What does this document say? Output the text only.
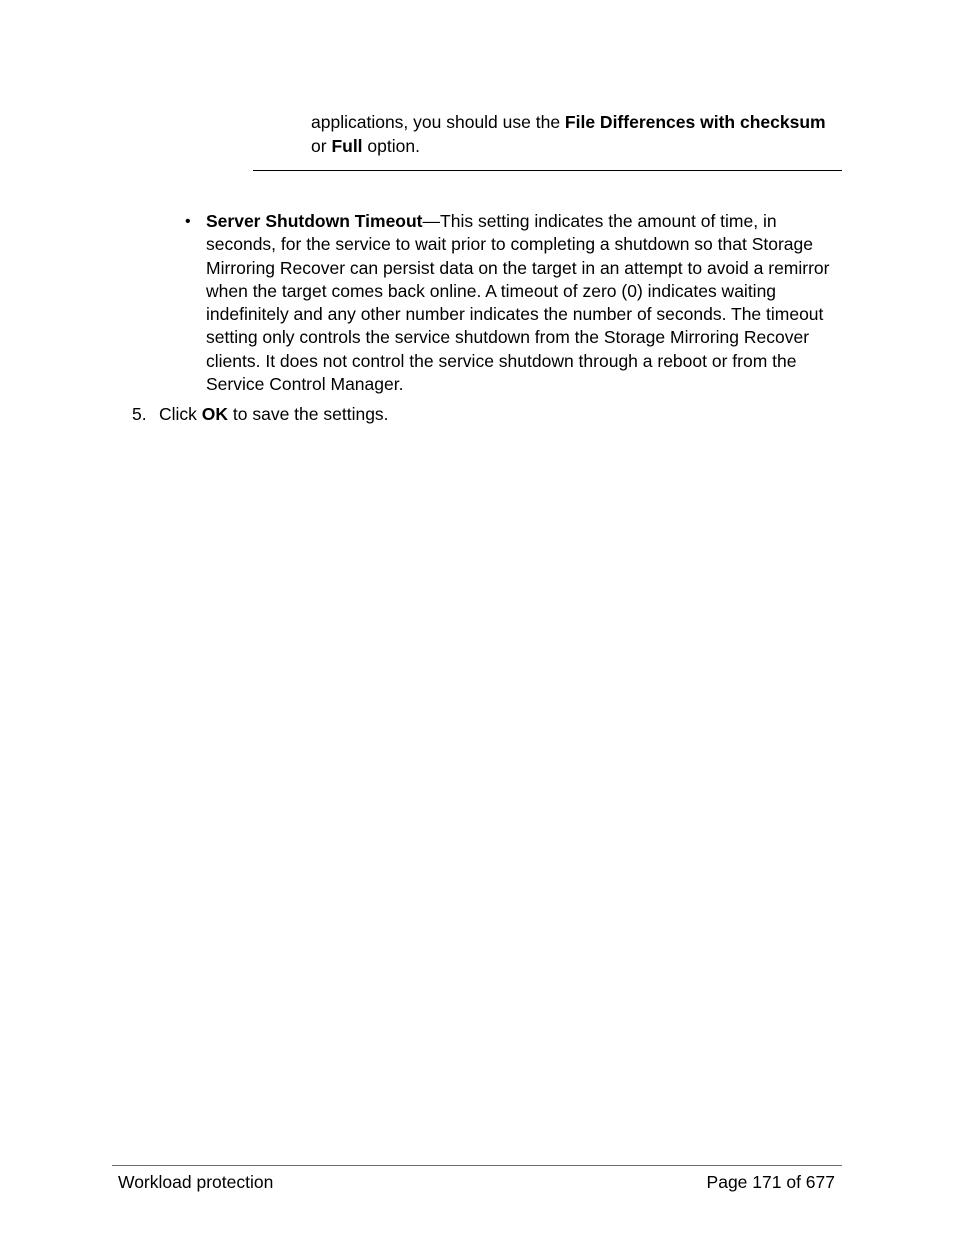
applications, you should use the File Differences with checksum or Full option.
• Server Shutdown Timeout—This setting indicates the amount of time, in seconds, for the service to wait prior to completing a shutdown so that Storage Mirroring Recover can persist data on the target in an attempt to avoid a remirror when the target comes back online. A timeout of zero (0) indicates waiting indefinitely and any other number indicates the number of seconds. The timeout setting only controls the service shutdown from the Storage Mirroring Recover clients. It does not control the service shutdown through a reboot or from the Service Control Manager.
5. Click OK to save the settings.
Workload protection	Page 171 of 677
